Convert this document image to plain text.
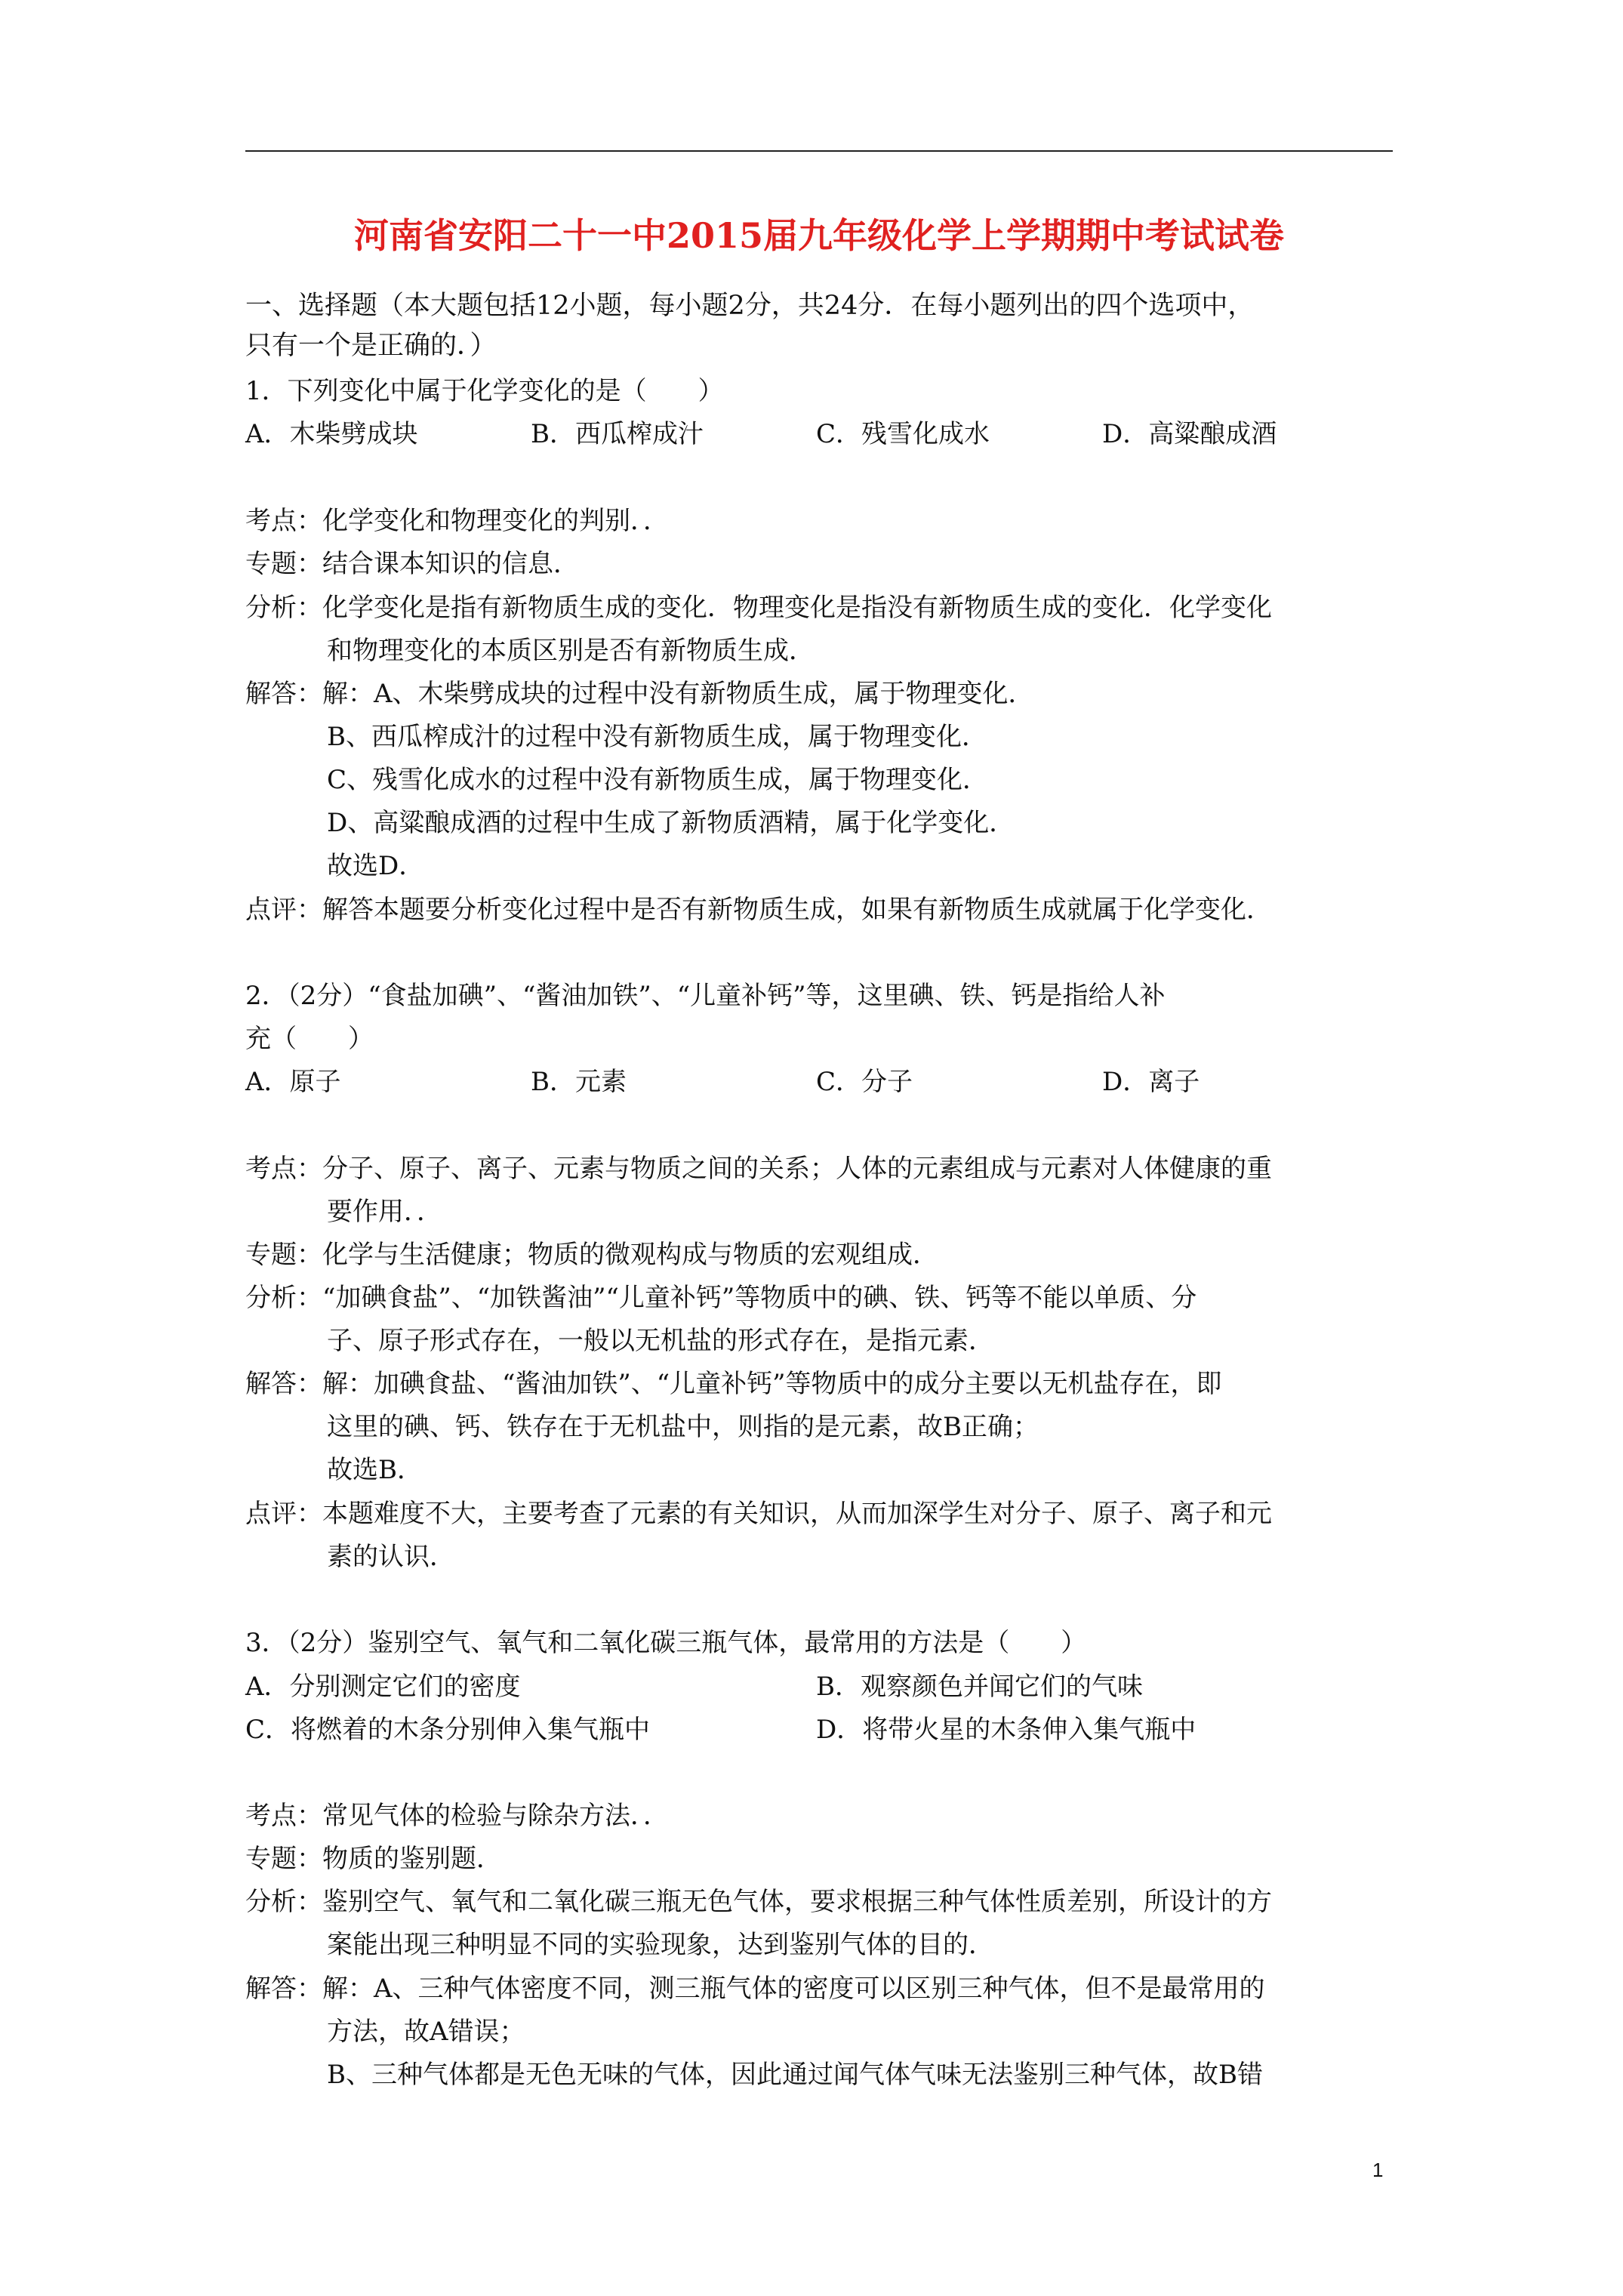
河南省安阳二十一中2015届九年级化学上学期期中考试试卷
一、选择题（本大题包括12小题，每小题2分，共24分．在每小题列出的四个选项中，
只有一个是正确的．）
1．下列变化中属于化学变化的是（　　）
A．木柴劈成块	B．西瓜榨成汁	C．残雪化成水	D．高粱酿成酒
考点：化学变化和物理变化的判别．．
专题：结合课本知识的信息．
分析：化学变化是指有新物质生成的变化．物理变化是指没有新物质生成的变化．化学变化
和物理变化的本质区别是否有新物质生成．
解答：解：A、木柴劈成块的过程中没有新物质生成，属于物理变化．
B、西瓜榨成汁的过程中没有新物质生成，属于物理变化．
C、残雪化成水的过程中没有新物质生成，属于物理变化．
D、高粱酿成酒的过程中生成了新物质酒精，属于化学变化．
故选D．
点评：解答本题要分析变化过程中是否有新物质生成，如果有新物质生成就属于化学变化．
2．（2分）“食盐加碘”、“酱油加铁”、“儿童补钙”等，这里碘、铁、钙是指给人补
充（　　）
A．原子	B．元素	C．分子	D．离子
考点：分子、原子、离子、元素与物质之间的关系；人体的元素组成与元素对人体健康的重
要作用．．
专题：化学与生活健康；物质的微观构成与物质的宏观组成．
分析：“加碘食盐”、“加铁酱油”“儿童补钙”等物质中的碘、铁、钙等不能以单质、分
子、原子形式存在，一般以无机盐的形式存在，是指元素．
解答：解：加碘食盐、“酱油加铁”、“儿童补钙”等物质中的成分主要以无机盐存在，即
这里的碘、钙、铁存在于无机盐中，则指的是元素，故B正确；
故选B．
点评：本题难度不大，主要考查了元素的有关知识，从而加深学生对分子、原子、离子和元
素的认识．
3．（2分）鉴别空气、氧气和二氧化碳三瓶气体，最常用的方法是（　　）
A．分别测定它们的密度	B．观察颜色并闻它们的气味
C．将燃着的木条分别伸入集气瓶中	D．将带火星的木条伸入集气瓶中
考点：常见气体的检验与除杂方法．．
专题：物质的鉴别题．
分析：鉴别空气、氧气和二氧化碳三瓶无色气体，要求根据三种气体性质差别，所设计的方
案能出现三种明显不同的实验现象，达到鉴别气体的目的．
解答：解：A、三种气体密度不同，测三瓶气体的密度可以区别三种气体，但不是最常用的
方法，故A错误；
B、三种气体都是无色无味的气体，因此通过闻气体气味无法鉴别三种气体，故B错
1
